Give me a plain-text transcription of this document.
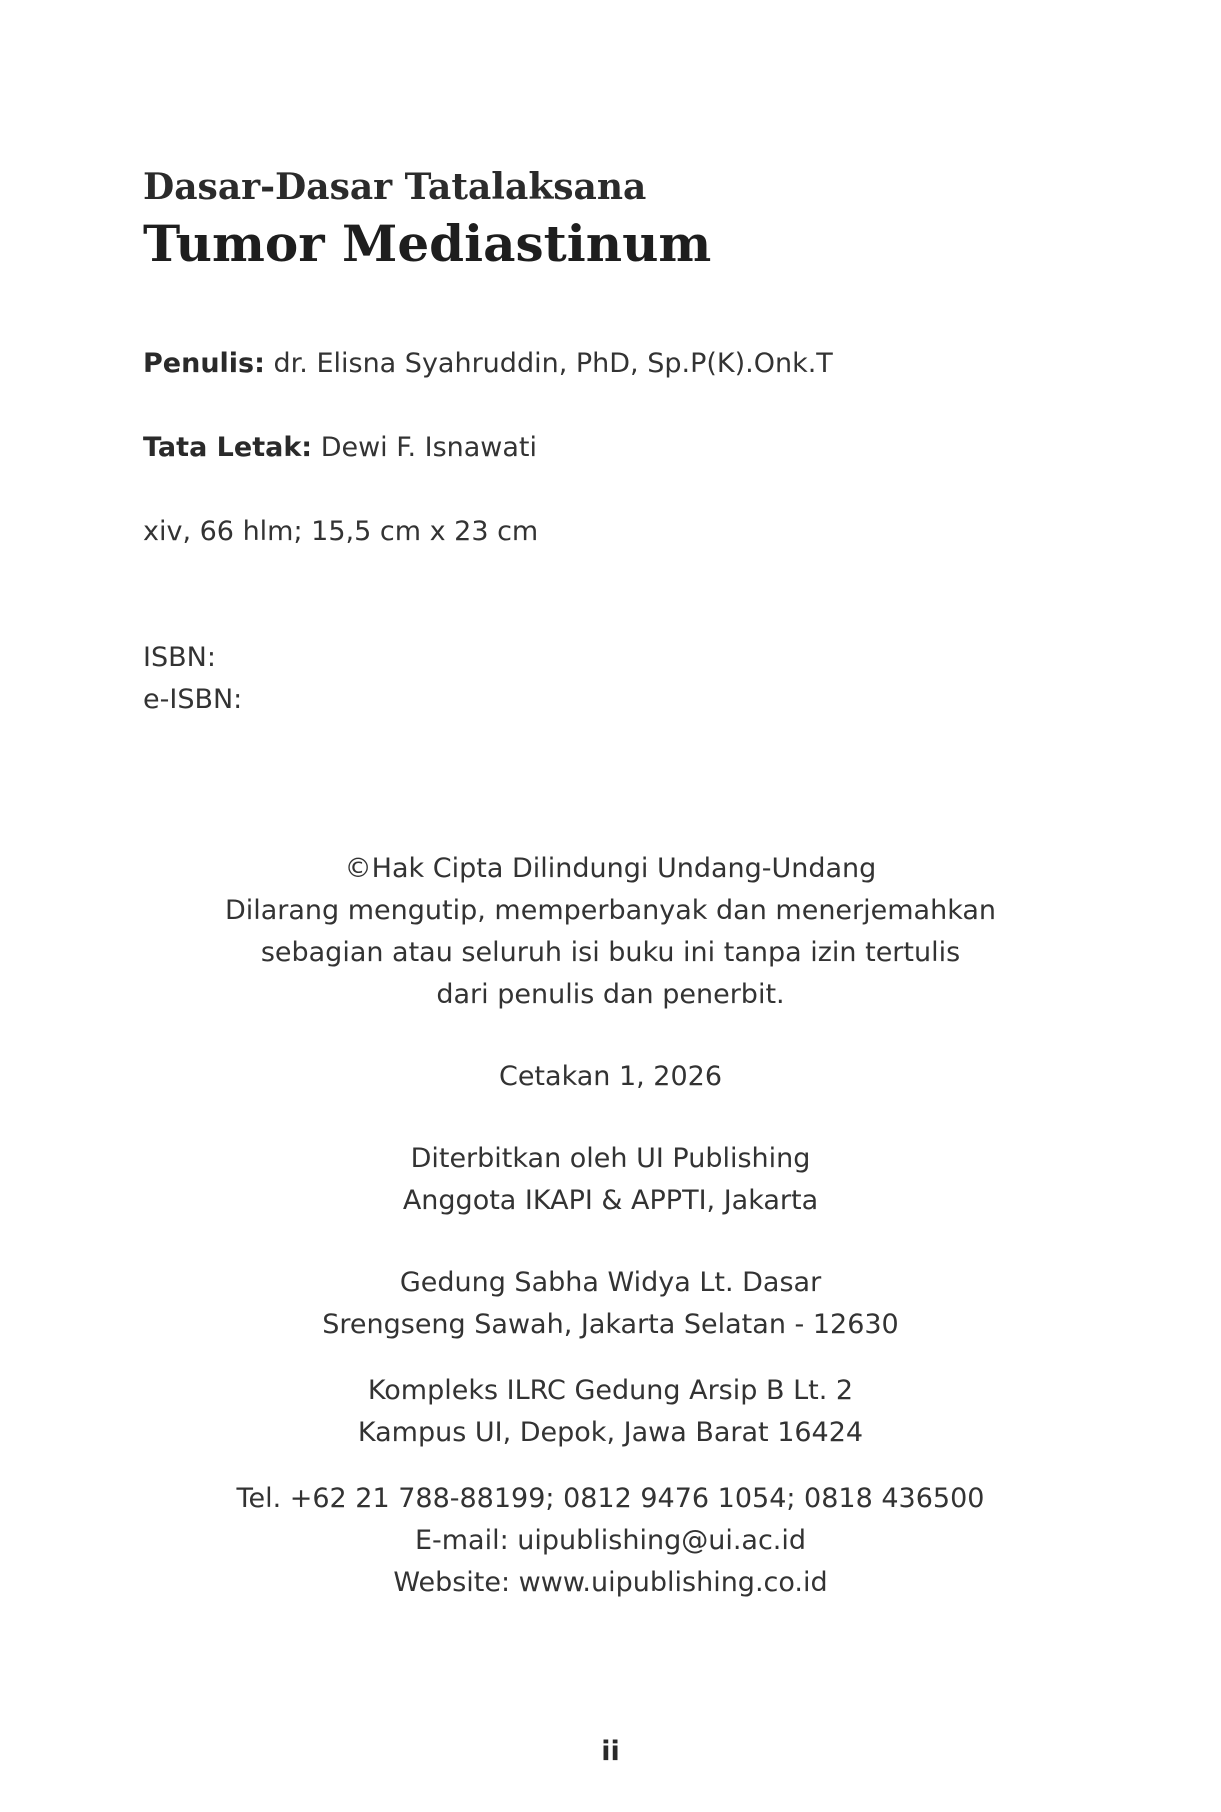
Dasar-Dasar Tatalaksana

Tumor Mediastinum

Penulis: dr. Elisna Syahruddin, PhD, Sp.P(K).Onk.T
Tata Letak: Dewi F. Isnawati
xiv, 66 hlm; 15,5 cm x 23 cm
ISBN:
e-ISBN:

©Hak Cipta Dilindungi Undang-Undang

Dilarang mengutip, memperbanyak dan menerjemahkan

sebagian atau seluruh isi buku ini tanpa izin tertulis

dari penulis dan penerbit.

Cetakan 1, 2026

Diterbitkan oleh UI Publishing

Anggota IKAPI & APPTI, Jakarta

Gedung Sabha Widya Lt. Dasar

Srengseng Sawah, Jakarta Selatan - 12630

Kompleks ILRC Gedung Arsip B Lt. 2

Kampus UI, Depok, Jawa Barat 16424

Tel. +62 21 788-88199; 0812 9476 1054; 0818 436500

E-mail: uipublishing@ui.ac.id

Website: www.uipublishing.co.id

ii
